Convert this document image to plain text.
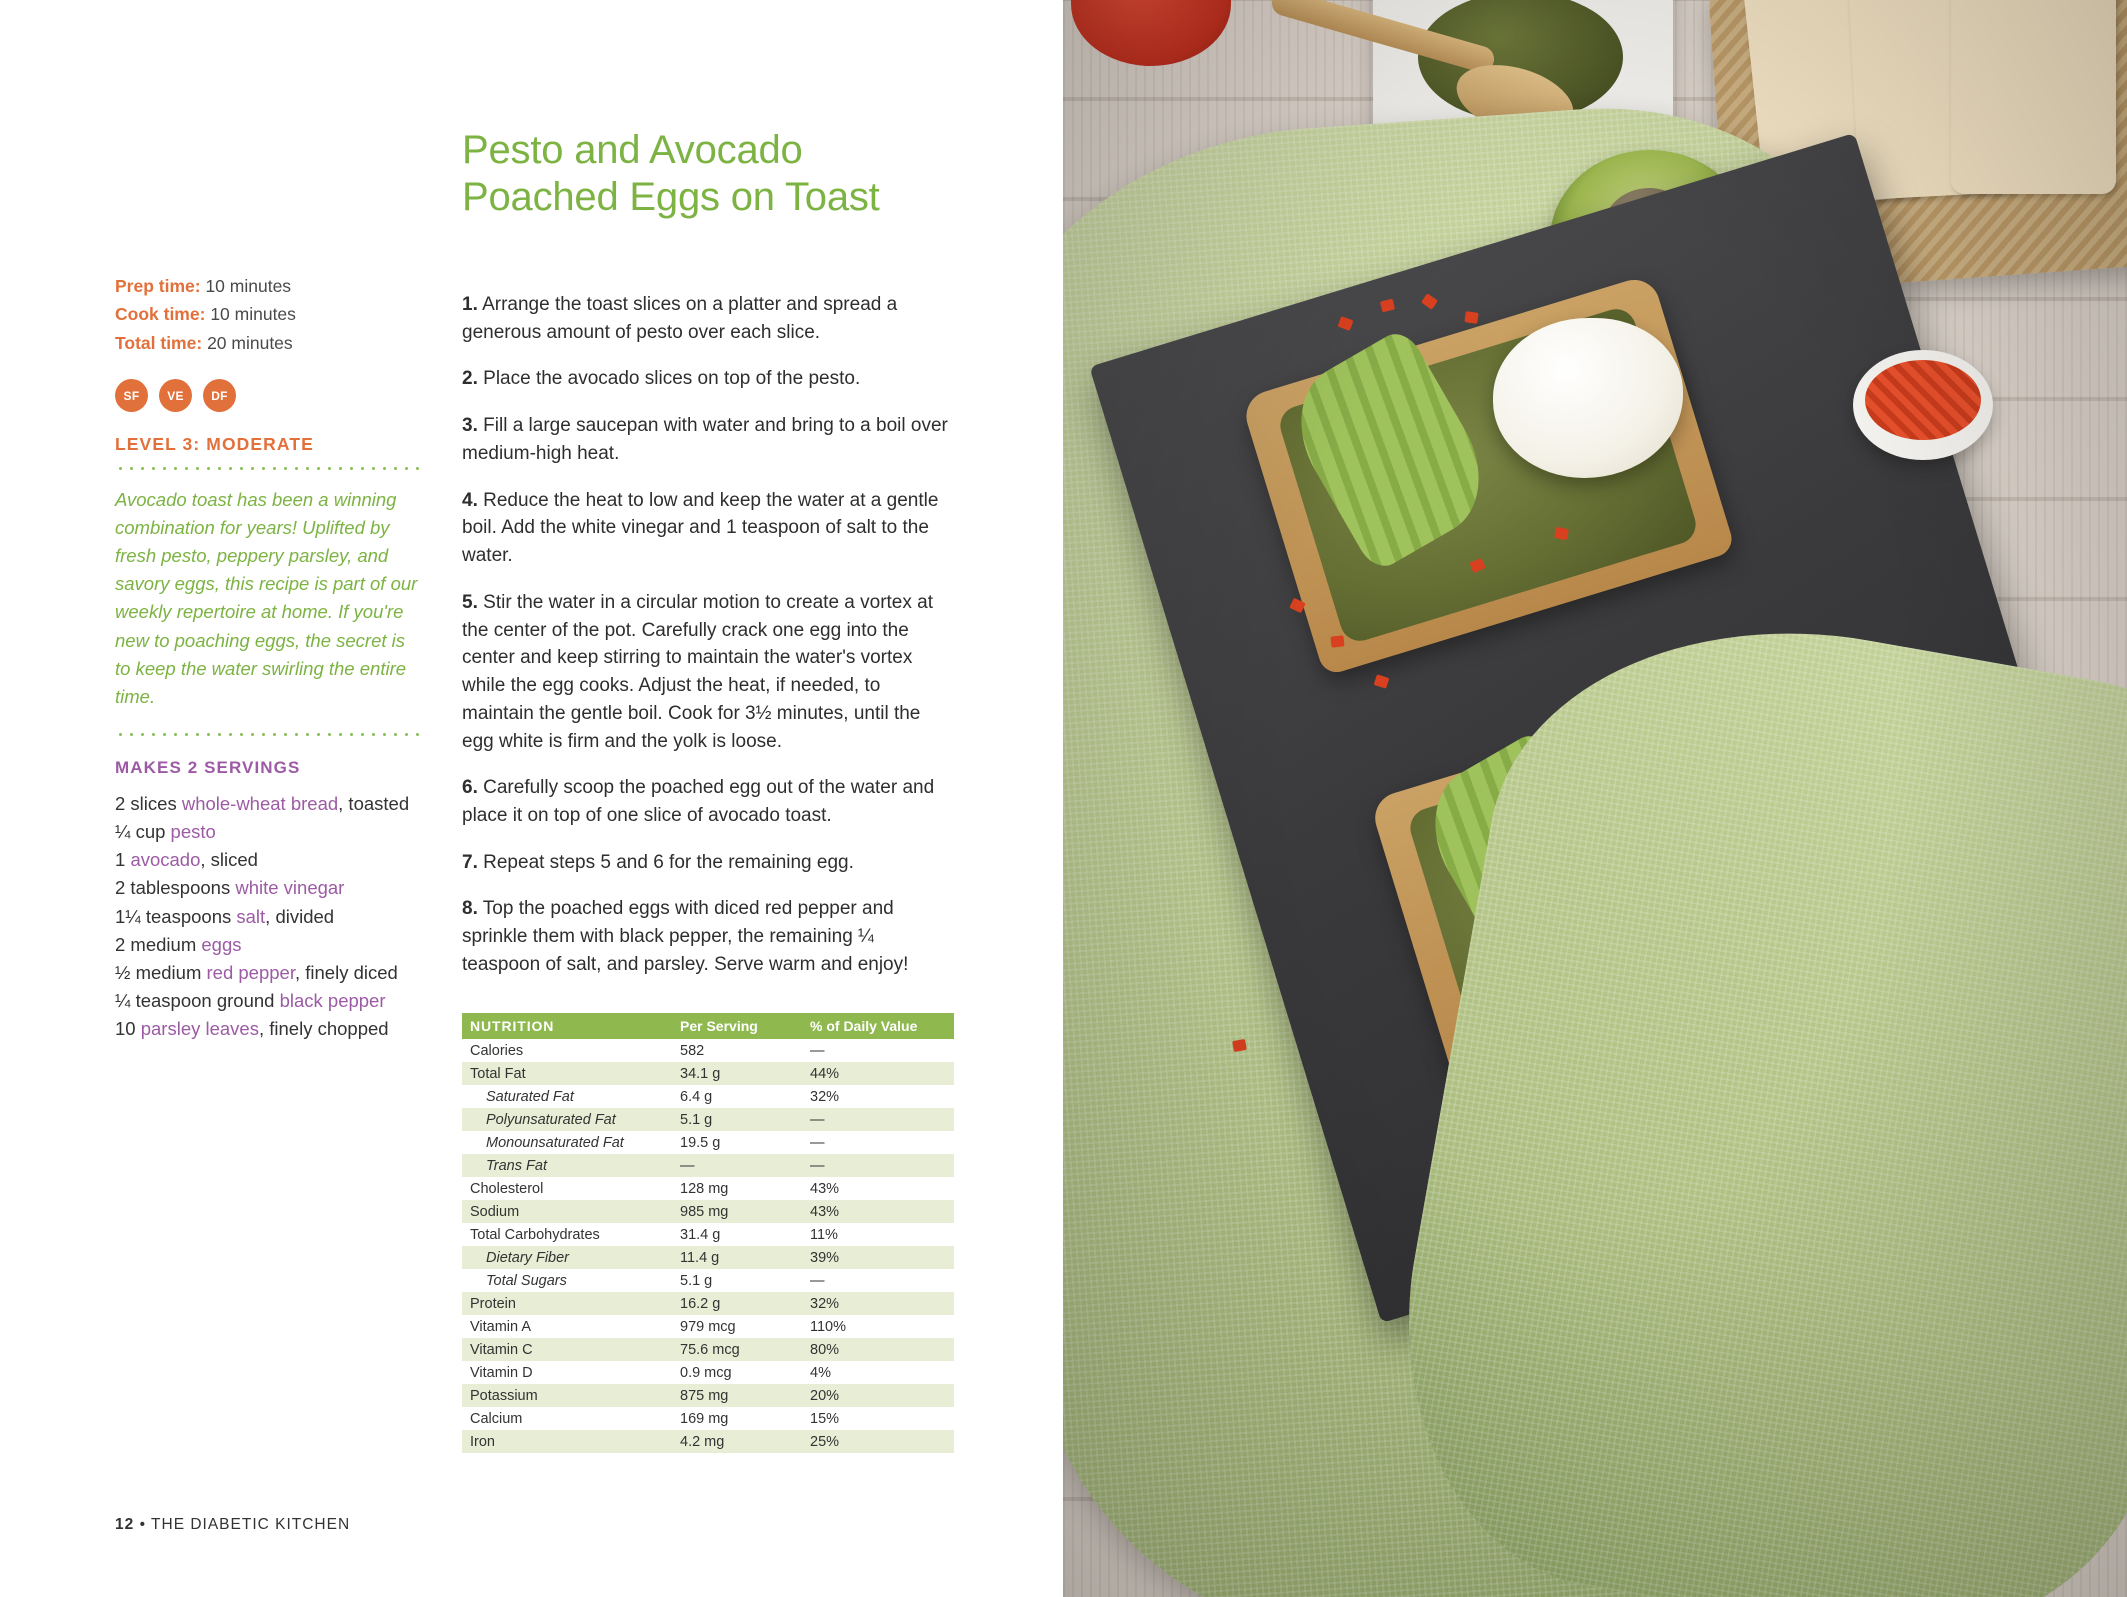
Pesto and Avocado Poached Eggs on Toast
Prep time: 10 minutes
Cook time: 10 minutes
Total time: 20 minutes
SF	VE	DF
LEVEL 3: MODERATE

Avocado toast has been a winning combination for years! Uplifted by fresh pesto, peppery parsley, and savory eggs, this recipe is part of our weekly repertoire at home. If you're new to poaching eggs, the secret is to keep the water swirling the entire time.

MAKES 2 SERVINGS
2 slices whole-wheat bread, toasted
¼ cup pesto
1 avocado, sliced
2 tablespoons white vinegar
1¼ teaspoons salt, divided
2 medium eggs
½ medium red pepper, finely diced
¼ teaspoon ground black pepper
10 parsley leaves, finely chopped

1. Arrange the toast slices on a platter and spread a generous amount of pesto over each slice.

2. Place the avocado slices on top of the pesto.

3. Fill a large saucepan with water and bring to a boil over medium-high heat.

4. Reduce the heat to low and keep the water at a gentle boil. Add the white vinegar and 1 teaspoon of salt to the water.

5. Stir the water in a circular motion to create a vortex at the center of the pot. Carefully crack one egg into the center and keep stirring to maintain the water's vortex while the egg cooks. Adjust the heat, if needed, to maintain the gentle boil. Cook for 3½ minutes, until the egg white is firm and the yolk is loose.

6. Carefully scoop the poached egg out of the water and place it on top of one slice of avocado toast.

7. Repeat steps 5 and 6 for the remaining egg.

8. Top the poached eggs with diced red pepper and sprinkle them with black pepper, the remaining ¼ teaspoon of salt, and parsley. Serve warm and enjoy!

NUTRITION	Per Serving	% of Daily Value
Calories	582	—
Total Fat	34.1 g	44%
Saturated Fat	6.4 g	32%
Polyunsaturated Fat	5.1 g	—
Monounsaturated Fat	19.5 g	—
Trans Fat	—	—
Cholesterol	128 mg	43%
Sodium	985 mg	43%
Total Carbohydrates	31.4 g	11%
Dietary Fiber	11.4 g	39%
Total Sugars	5.1 g	—
Protein	16.2 g	32%
Vitamin A	979 mcg	110%
Vitamin C	75.6 mcg	80%
Vitamin D	0.9 mcg	4%
Potassium	875 mg	20%
Calcium	169 mg	15%
Iron	4.2 mg	25%
12 • THE DIABETIC KITCHEN
